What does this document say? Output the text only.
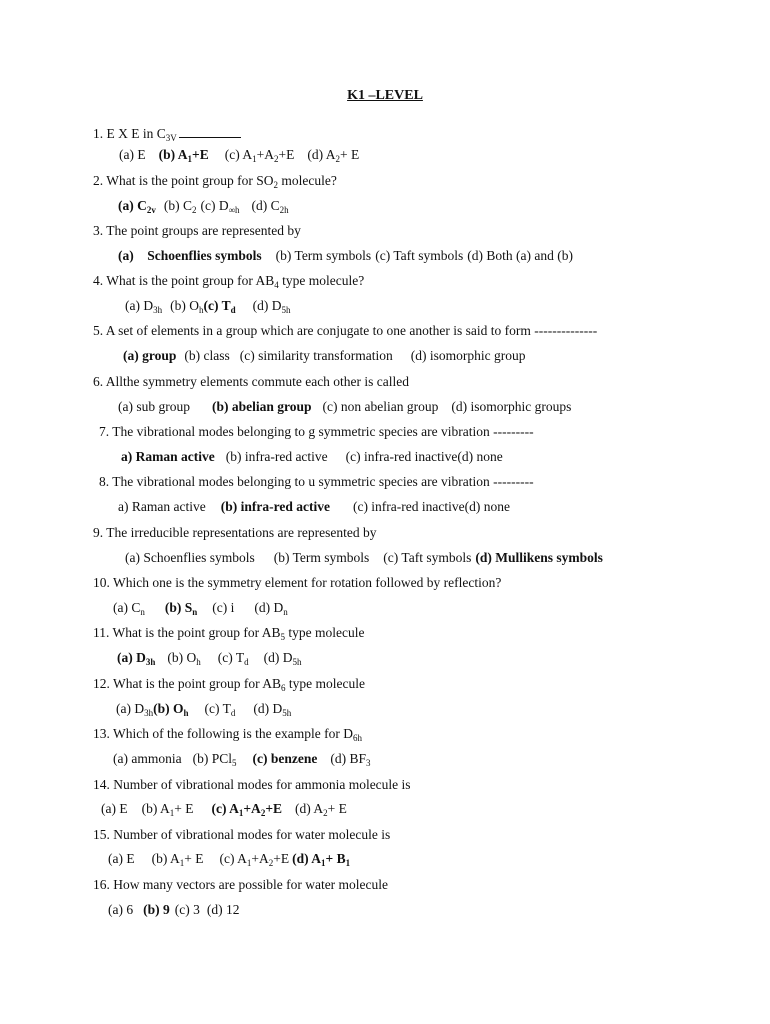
K1 –LEVEL
1. E X E in $C_{3V}$
(a) E (b) $A_1+E$ (c) $A_1+A_2+E$ (d) $A_2+ E$
2. What is the point group for $SO_2$ molecule?
(a) $C_{2v}$ (b) $C_2$ (c) $D_{\infty h}$ (d) $C_{2h}$
3. The point groups are represented by
(a)    Schoenflies symbols (b) Term symbols (c) Taft symbols (d) Both (a) and (b)
4. What is the point group for $AB_4$ type molecule?
(a) $D_{3h}$ (b) $O_h(c)$ $T_d$ (d) $D_{5h}$
5. A set of elements in a group which are conjugate to one another is said to form --------------
(a) group (b) class (c) similarity transformation (d) isomorphic group
6. Allthe symmetry elements commute each other is called
(a) sub group (b) abelian group (c) non abelian group (d) isomorphic groups
7. The vibrational modes belonging to g symmetric species are vibration ---------
a) Raman active (b) infra-red active (c) infra-red inactive(d) none
8. The vibrational modes belonging to u symmetric species are vibration ---------
a) Raman active (b) infra-red active (c) infra-red inactive(d) none
9. The irreducible representations are represented by
(a) Schoenflies symbols (b) Term symbols (c) Taft symbols (d) Mullikens symbols
10. Which one is the symmetry element for rotation followed by reflection?
(a) $C_n$ (b) $S_n$ (c) i (d) $D_n$
11. What is the point group for $AB_5$ type molecule
(a) $D_{3h}$ (b) $O_h$ (c) $T_d$ (d) $D_{5h}$
12. What is the point group for $AB_6$ type molecule
(a) $D_{3h}(b)$ $O_h$ (c) $T_d$ (d) $D_{5h}$
13. Which of the following is the example for $D_{6h}$
(a) ammonia (b) PCl$_5$ (c) benzene (d) $BF_3$
14. Number of vibrational modes for ammonia molecule is
(a) E (b) $A_1+ E$ (c) $A_1+A_2+E$ (d) $A_2+ E$
15. Number of vibrational modes for water molecule is
(a) E (b) $A_1+ E$ (c) $A_1+A_2+E$ (d) $A_1+ B_1$
16. How many vectors are possible for water molecule
(a) 6 (b) 9 (c) 3 (d) 12
